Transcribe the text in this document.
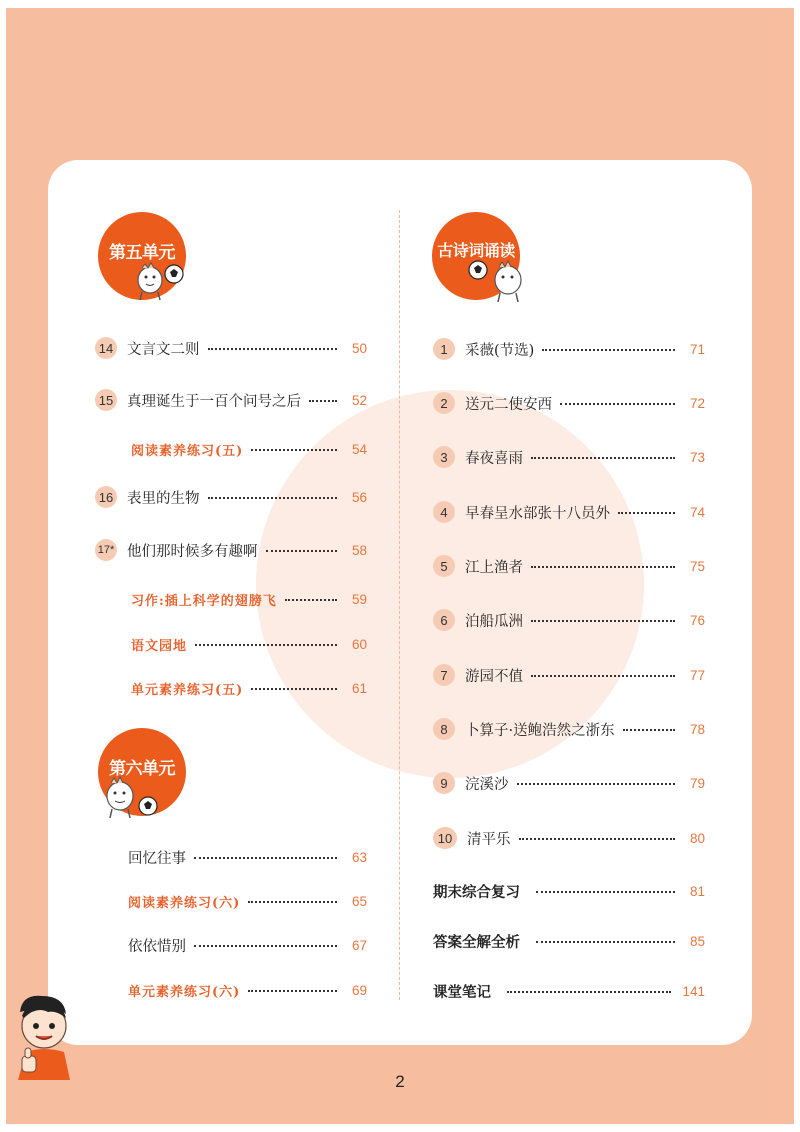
第五单元
第六单元
古诗词诵读
14 文言文二则	50
15 真理诞生于一百个问号之后	52
阅读素养练习(五)	54
16 表里的生物	56
17* 他们那时候多有趣啊	58
习作:插上科学的翅膀飞	59
语文园地	60
单元素养练习(五)	61
回忆往事	63
阅读素养练习(六)	65
依依惜别	67
单元素养练习(六)	69
1	采薇(节选)	71
2	送元二使安西	72
3	春夜喜雨	73
4	早春呈水部张十八员外	74
5	江上渔者	75
6	泊船瓜洲	76
7	游园不值	77
8	卜算子·送鲍浩然之浙东	78
9	浣溪沙	79
10	清平乐	80
期末综合复习	81
答案全解全析	85
课堂笔记	141
2
